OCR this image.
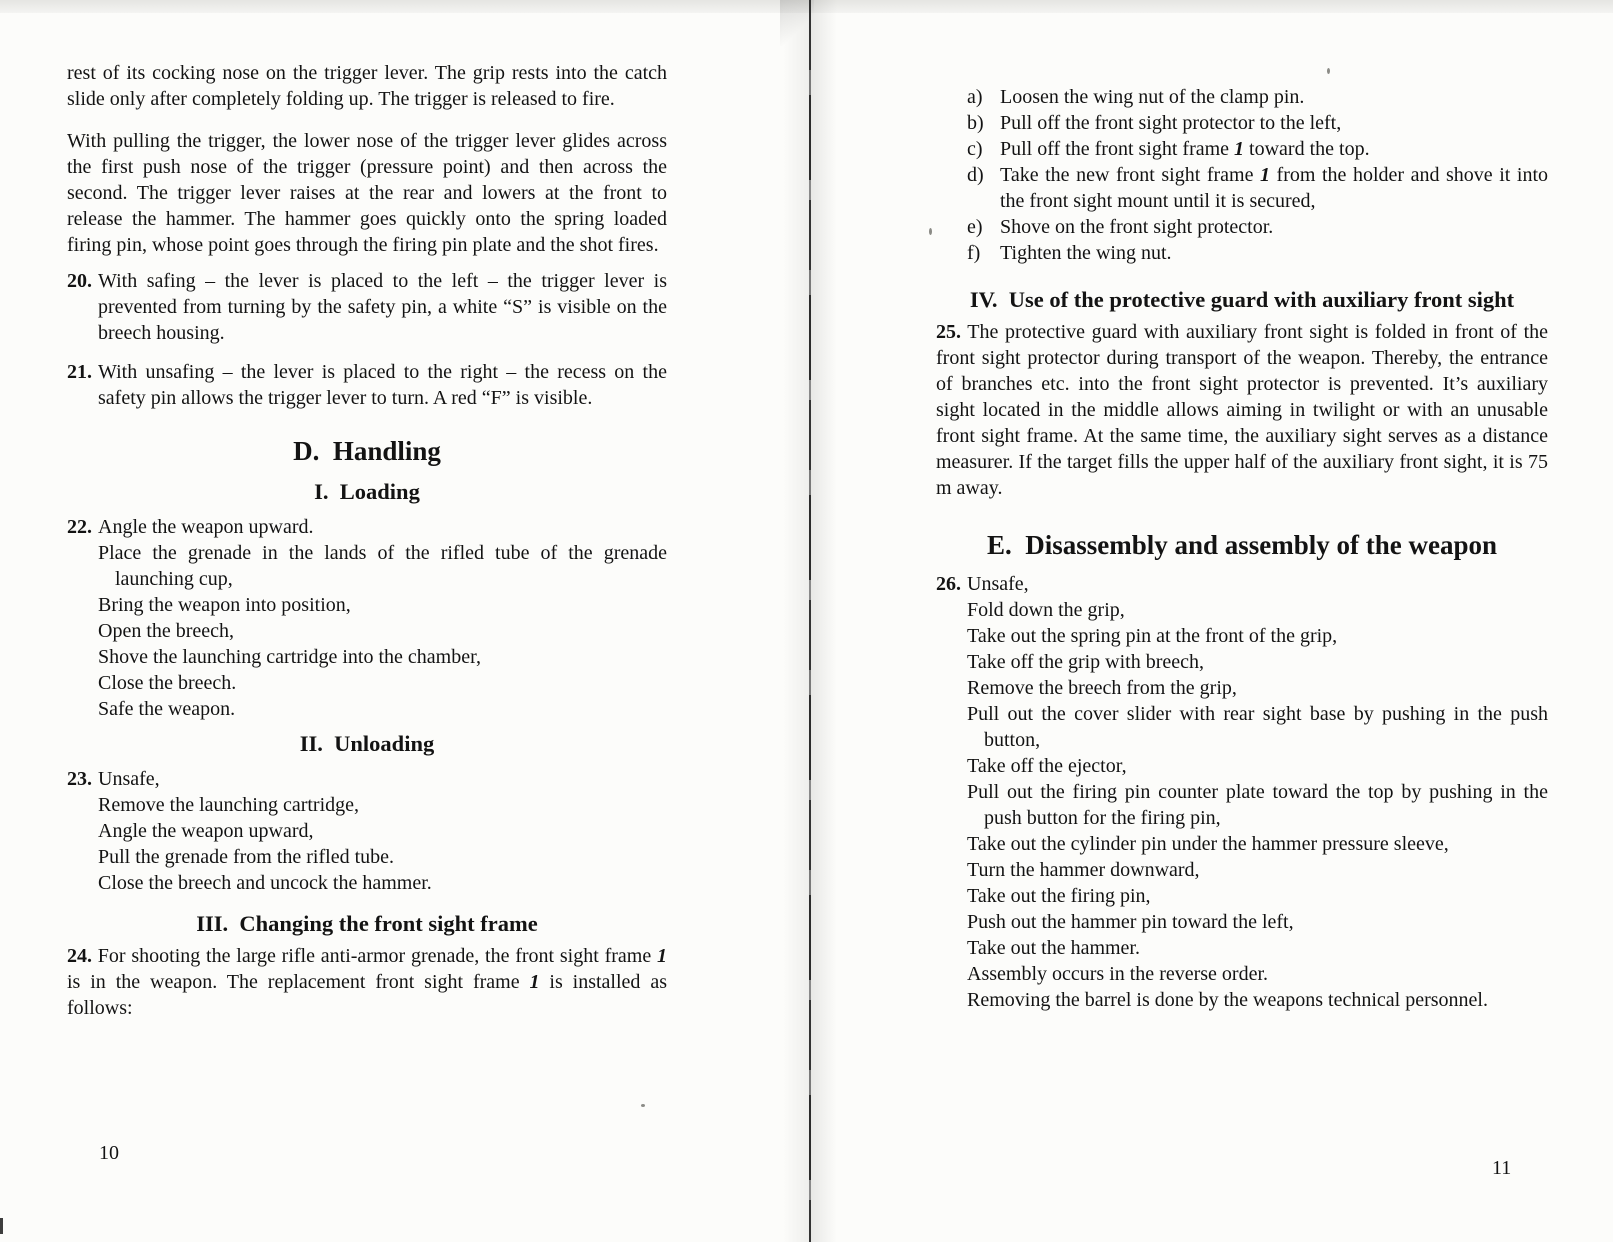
rest of its cocking nose on the trigger lever. The grip rests into the catch slide only after completely folding up. The trigger is released to fire.

With pulling the trigger, the lower nose of the trigger lever glides across the first push nose of the trigger (pressure point) and then across the second. The trigger lever raises at the rear and lowers at the front to release the hammer. The hammer goes quickly onto the spring loaded firing pin, whose point goes through the firing pin plate and the shot fires.

20. With safing – the lever is placed to the left – the trigger lever is prevented from turning by the safety pin, a white “S” is visible on the breech housing.

21. With unsafing – the lever is placed to the right – the recess on the safety pin allows the trigger lever to turn. A red “F” is visible.

D. Handling
I. Loading
22. Angle the weapon upward.
Place the grenade in the lands of the rifled tube of the grenade launching cup,
Bring the weapon into position,
Open the breech,
Shove the launching cartridge into the chamber,
Close the breech.
Safe the weapon.
II. Unloading
23. Unsafe,
Remove the launching cartridge,
Angle the weapon upward,
Pull the grenade from the rifled tube.
Close the breech and uncock the hammer.
III. Changing the front sight frame

24. For shooting the large rifle anti-armor grenade, the front sight frame 1 is in the weapon. The replacement front sight frame 1 is installed as follows:

a) Loosen the wing nut of the clamp pin.
b) Pull off the front sight protector to the left,
c) Pull off the front sight frame 1 toward the top.
d) Take the new front sight frame 1 from the holder and shove it into the front sight mount until it is secured,
e) Shove on the front sight protector.
f) Tighten the wing nut.
IV. Use of the protective guard with auxiliary front sight

25. The protective guard with auxiliary front sight is folded in front of the front sight protector during transport of the weapon. Thereby, the entrance of branches etc. into the front sight protector is prevented. It’s auxiliary sight located in the middle allows aiming in twilight or with an unusable front sight frame. At the same time, the auxiliary sight serves as a distance measurer. If the target fills the upper half of the auxiliary front sight, it is 75 m away.

E. Disassembly and assembly of the weapon
26. Unsafe,
Fold down the grip,
Take out the spring pin at the front of the grip,
Take off the grip with breech,
Remove the breech from the grip,
Pull out the cover slider with rear sight base by pushing in the push button,
Take off the ejector,
Pull out the firing pin counter plate toward the top by pushing in the push button for the firing pin,
Take out the cylinder pin under the hammer pressure sleeve,
Turn the hammer downward,
Take out the firing pin,
Push out the hammer pin toward the left,
Take out the hammer.
Assembly occurs in the reverse order.
Removing the barrel is done by the weapons technical personnel.
10
11
